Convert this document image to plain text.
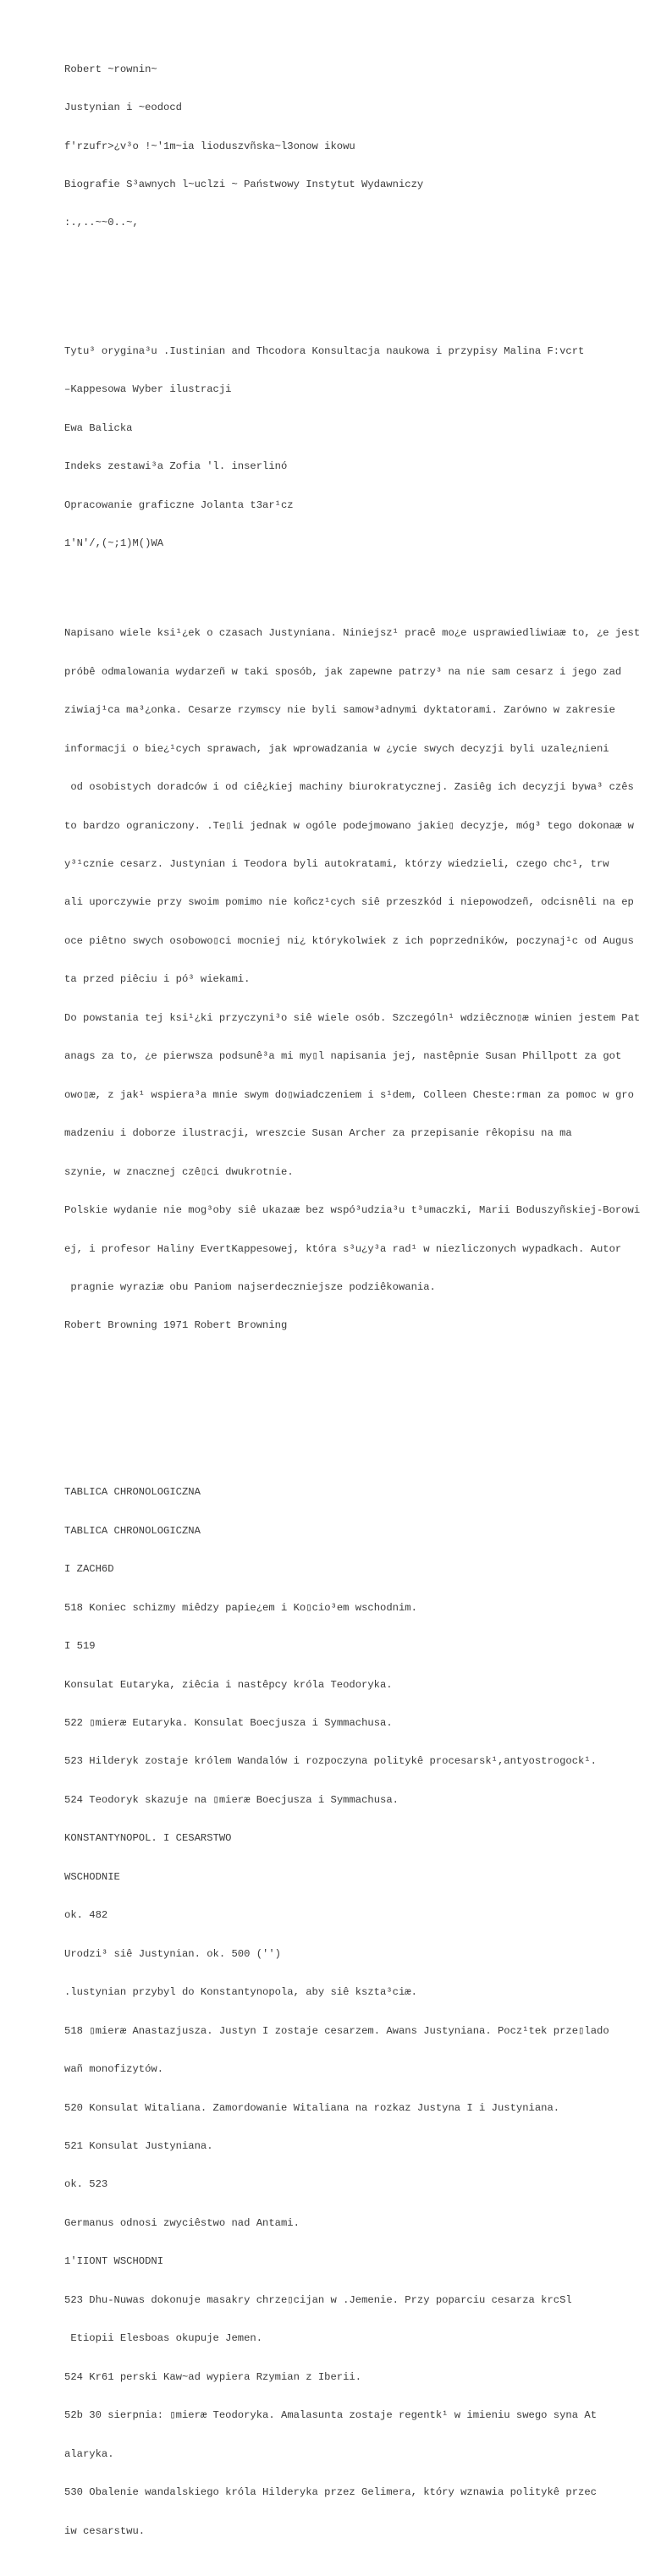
Robert ~rownin~

Justynian i ~eodocd

f'rzufr>¿v³o !~'1m~ia lioduszvñska~l3onow ikowu

Biografie S³awnych l~uclzi ~ Państwowy Instytut Wydawniczy

:.,..~~0..~,

Tytu³ orygina³u .Iustinian and Thcodora Konsultacja naukowa i przypisy Malina F:vcrt

–Kappesowa Wyber ilustracji

Ewa Balicka

Indeks zestawi³a Zofia 'l. inserlinó

Opracowanie graficzne Jolanta t3ar¹cz

1'N'/,(~;1)M()WA

Napisano wiele ksi¹¿ek o czasach Justyniana. Niniejsz¹ pracê mo¿e usprawiedliwiaæ to, ¿e jest

próbê odmalowania wydarzeñ w taki sposób, jak zapewne patrzy³ na nie sam cesarz i jego zad

ziwiaj¹ca ma³¿onka. Cesarze rzymscy nie byli samow³adnymi dyktatorami. Zarówno w zakresie

informacji o bie¿¹cych sprawach, jak wprowadzania w ¿ycie swych decyzji byli uzale¿nieni

od osobistych doradców i od ciê¿kiej machiny biurokratycznej. Zasiêg ich decyzji bywa³ czês

to bardzo ograniczony. .Te▯li jednak w ogóle podejmowano jakie▯ decyzje, móg³ tego dokonaæ w

y³¹cznie cesarz. Justynian i Teodora byli autokratami, którzy wiedzieli, czego chc¹, trw

ali uporczywie przy swoim pomimo nie koñcz¹cych siê przeszkód i niepowodzeñ, odcisnêli na ep

oce piêtno swych osobowo▯ci mocniej ni¿ którykolwiek z ich poprzedników, poczynaj¹c od Augus

ta przed piêciu i pó³ wiekami.

Do powstania tej ksi¹¿ki przyczyni³o siê wiele osób. Szczególn¹ wdziêczno▯æ winien jestem Pat

anags za to, ¿e pierwsza podsunê³a mi my▯l napisania jej, nastêpnie Susan Phillpott za got

owo▯æ, z jak¹ wspiera³a mnie swym do▯wiadczeniem i s¹dem, Colleen Cheste:rman za pomoc w gro

madzeniu i doborze ilustracji, wreszcie Susan Archer za przepisanie rêkopisu na ma

szynie, w znacznej czê▯ci dwukrotnie.

Polskie wydanie nie mog³oby siê ukazaæ bez wspó³udzia³u t³umaczki, Marii Boduszyñskiej-Borowi

ej, i profesor Haliny EvertKappesowej, która s³u¿y³a rad¹ w niezliczonych wypadkach. Autor

pragnie wyraziæ obu Paniom najserdeczniejsze podziêkowania.

Robert Browning 1971 Robert Browning

TABLICA CHRONOLOGICZNA

TABLICA CHRONOLOGICZNA

I ZACH6D

518 Koniec schizmy miêdzy papie¿em i Ko▯cio³em wschodnim.

I 519

Konsulat Eutaryka, ziêcia i nastêpcy króla Teodoryka.

522 ▯mieræ Eutaryka. Konsulat Boecjusza i Symmachusa.

523 Hilderyk zostaje królem Wandalów i rozpoczyna politykê procesarsk¹,antyostrogock¹.

524 Teodoryk skazuje na ▯mieræ Boecjusza i Symmachusa.

KONSTANTYNOPOL. I CESARSTWO

WSCHODNIE

ok. 482

Urodzi³ siê Justynian. ok. 500 ('')

.lustynian przybyl do Konstantynopola, aby siê kszta³ciæ.

518 ▯mieræ Anastazjusza. Justyn I zostaje cesarzem. Awans Justyniana. Pocz¹tek prze▯lado

wañ monofizytów.

520 Konsulat Witaliana. Zamordowanie Witaliana na rozkaz Justyna I i Justyniana.

521 Konsulat Justyniana.

ok. 523

Germanus odnosi zwyciêstwo nad Antami.

1'IIONT WSCHODNI

523 Dhu-Nuwas dokonuje masakry chrze▯cijan w .Jemenie. Przy poparciu cesarza krcSl

Etiopii Elesboas okupuje Jemen.

524 Kr61 perski Kaw~ad wypiera Rzymian z Iberii.

52b 30 sierpnia: ▯mieræ Teodoryka. Amalasunta zostaje regentk¹ w imieniu swego syna At

alaryka.

530 Obalenie wandalskiego króla Hilderyka przez Gelimera, który wznawia politykê przec

iw cesarstwu.
